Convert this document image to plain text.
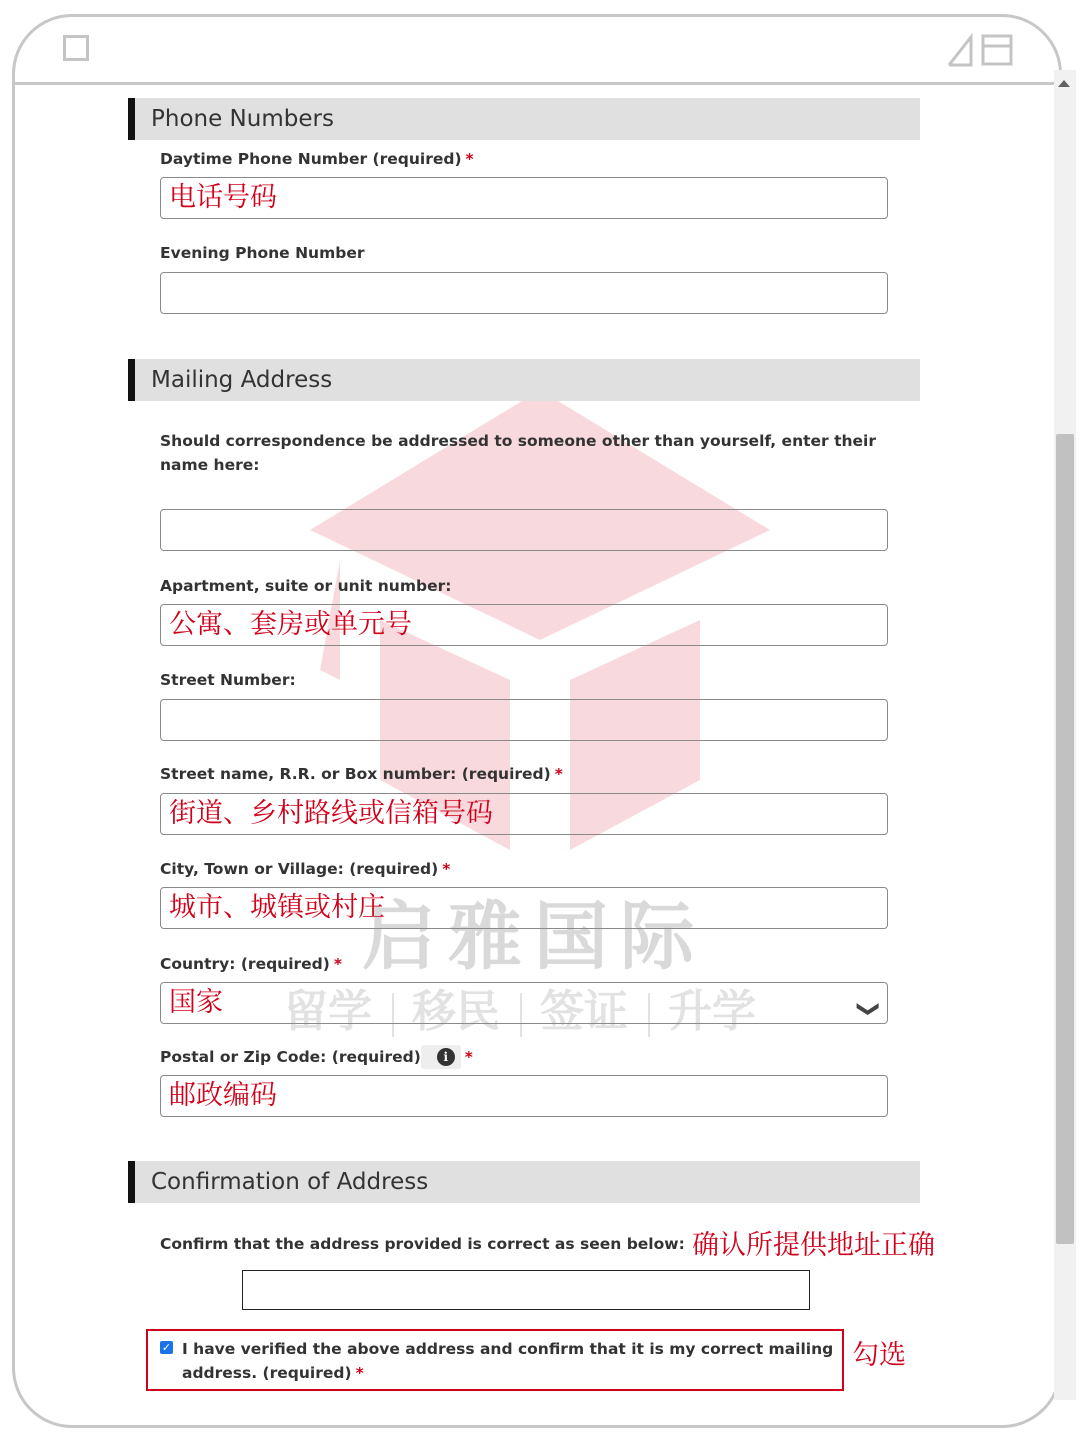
启雅国际
留学 移民 签证 升学
Phone Numbers
Daytime Phone Number (required) *
电话号码
Evening Phone Number
Mailing Address
Should correspondence be addressed to someone other than yourself, enter their name here:
Apartment, suite or unit number:
公寓、套房或单元号
Street Number:
Street name, R.R. or Box number: (required) *
街道、乡村路线或信箱号码
City, Town or Village: (required) *
城市、城镇或村庄
Country: (required) *
国家	❯
Postal or Zip Code: (required) i *
邮政编码
Confirmation of Address
Confirm that the address provided is correct as seen below: 确认所提供地址正确
✓ I have verified the above address and confirm that it is my correct mailing address. (required) *
勾选
